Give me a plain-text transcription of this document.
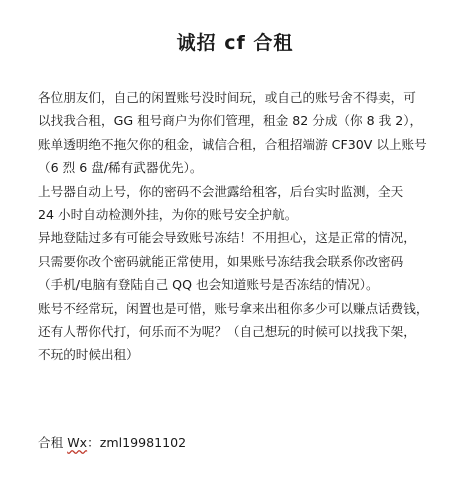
诚招 cf 合租
各位朋友们，自己的闲置账号没时间玩，或自己的账号舍不得卖，可
以找我合租，GG 租号商户为你们管理，租金 82 分成（你 8 我 2），
账单透明绝不拖欠你的租金，诚信合租，合租招端游 CF30V 以上账号
（6 烈 6 盘/稀有武器优先）。
上号器自动上号，你的密码不会泄露给租客，后台实时监测，全天
24 小时自动检测外挂，为你的账号安全护航。
异地登陆过多有可能会导致账号冻结！不用担心，这是正常的情况，
只需要你改个密码就能正常使用，如果账号冻结我会联系你改密码
（手机/电脑有登陆自己 QQ 也会知道账号是否冻结的情况）。
账号不经常玩，闲置也是可惜，账号拿来出租你多少可以赚点话费钱，
还有人帮你代打，何乐而不为呢？（自己想玩的时候可以找我下架，
不玩的时候出租）
合租 Wx：zml19981102
